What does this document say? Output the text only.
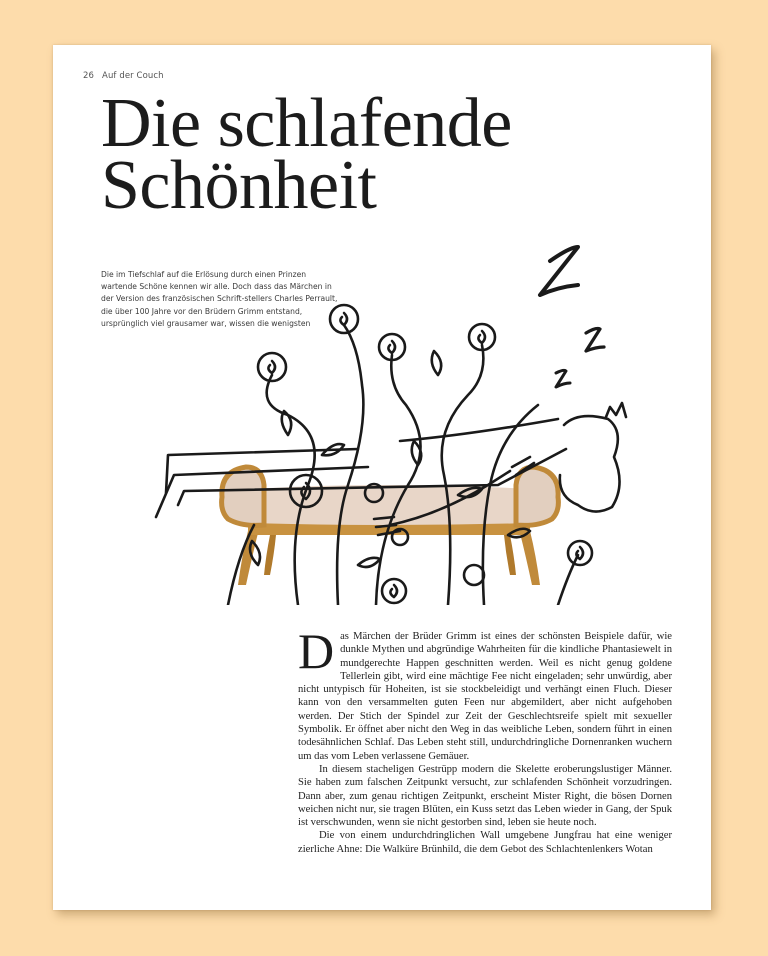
26 Auf der Couch
Die schlafende
Schönheit
Die im Tiefschlaf auf die Erlösung durch einen Prinzen wartende Schöne kennen wir alle. Doch dass das Märchen in der Version des französischen Schrift-stellers Charles Perrault, die über 100 Jahre vor den Brüdern Grimm entstand, ursprünglich viel grausamer war, wissen die wenigsten

Das Märchen der Brüder Grimm ist eines der schönsten Beispiele dafür, wie dunkle Mythen und abgründige Wahrheiten für die kindliche Phantasiewelt in mundgerechte Happen geschnitten werden. Weil es nicht genug goldene Tellerlein gibt, wird eine mächtige Fee nicht eingeladen; sehr unwürdig, aber nicht untypisch für Hoheiten, ist sie stockbeleidigt und verhängt einen Fluch. Dieser kann von den versammelten guten Feen nur abgemildert, aber nicht aufgehoben werden. Der Stich der Spindel zur Zeit der Geschlechtsreife spielt mit sexueller Symbolik. Er öffnet aber nicht den Weg in das weibliche Leben, sondern führt in einen todesähnlichen Schlaf. Das Leben steht still, undurchdringliche Dornenranken wuchern um das vom Leben verlassene Gemäuer.

In diesem stacheligen Gestrüpp modern die Skelette eroberungslustiger Männer. Sie haben zum falschen Zeitpunkt versucht, zur schlafenden Schönheit vorzudringen. Dann aber, zum genau richtigen Zeitpunkt, erscheint Mister Right, die bösen Dornen weichen nicht nur, sie tragen Blüten, ein Kuss setzt das Leben wieder in Gang, der Spuk ist verschwunden, wenn sie nicht gestorben sind, leben sie heute noch.

Die von einem undurchdringlichen Wall umgebene Jungfrau hat eine weniger zierliche Ahne: Die Walküre Brünhild, die dem Gebot des Schlachtenlenkers Wotan
